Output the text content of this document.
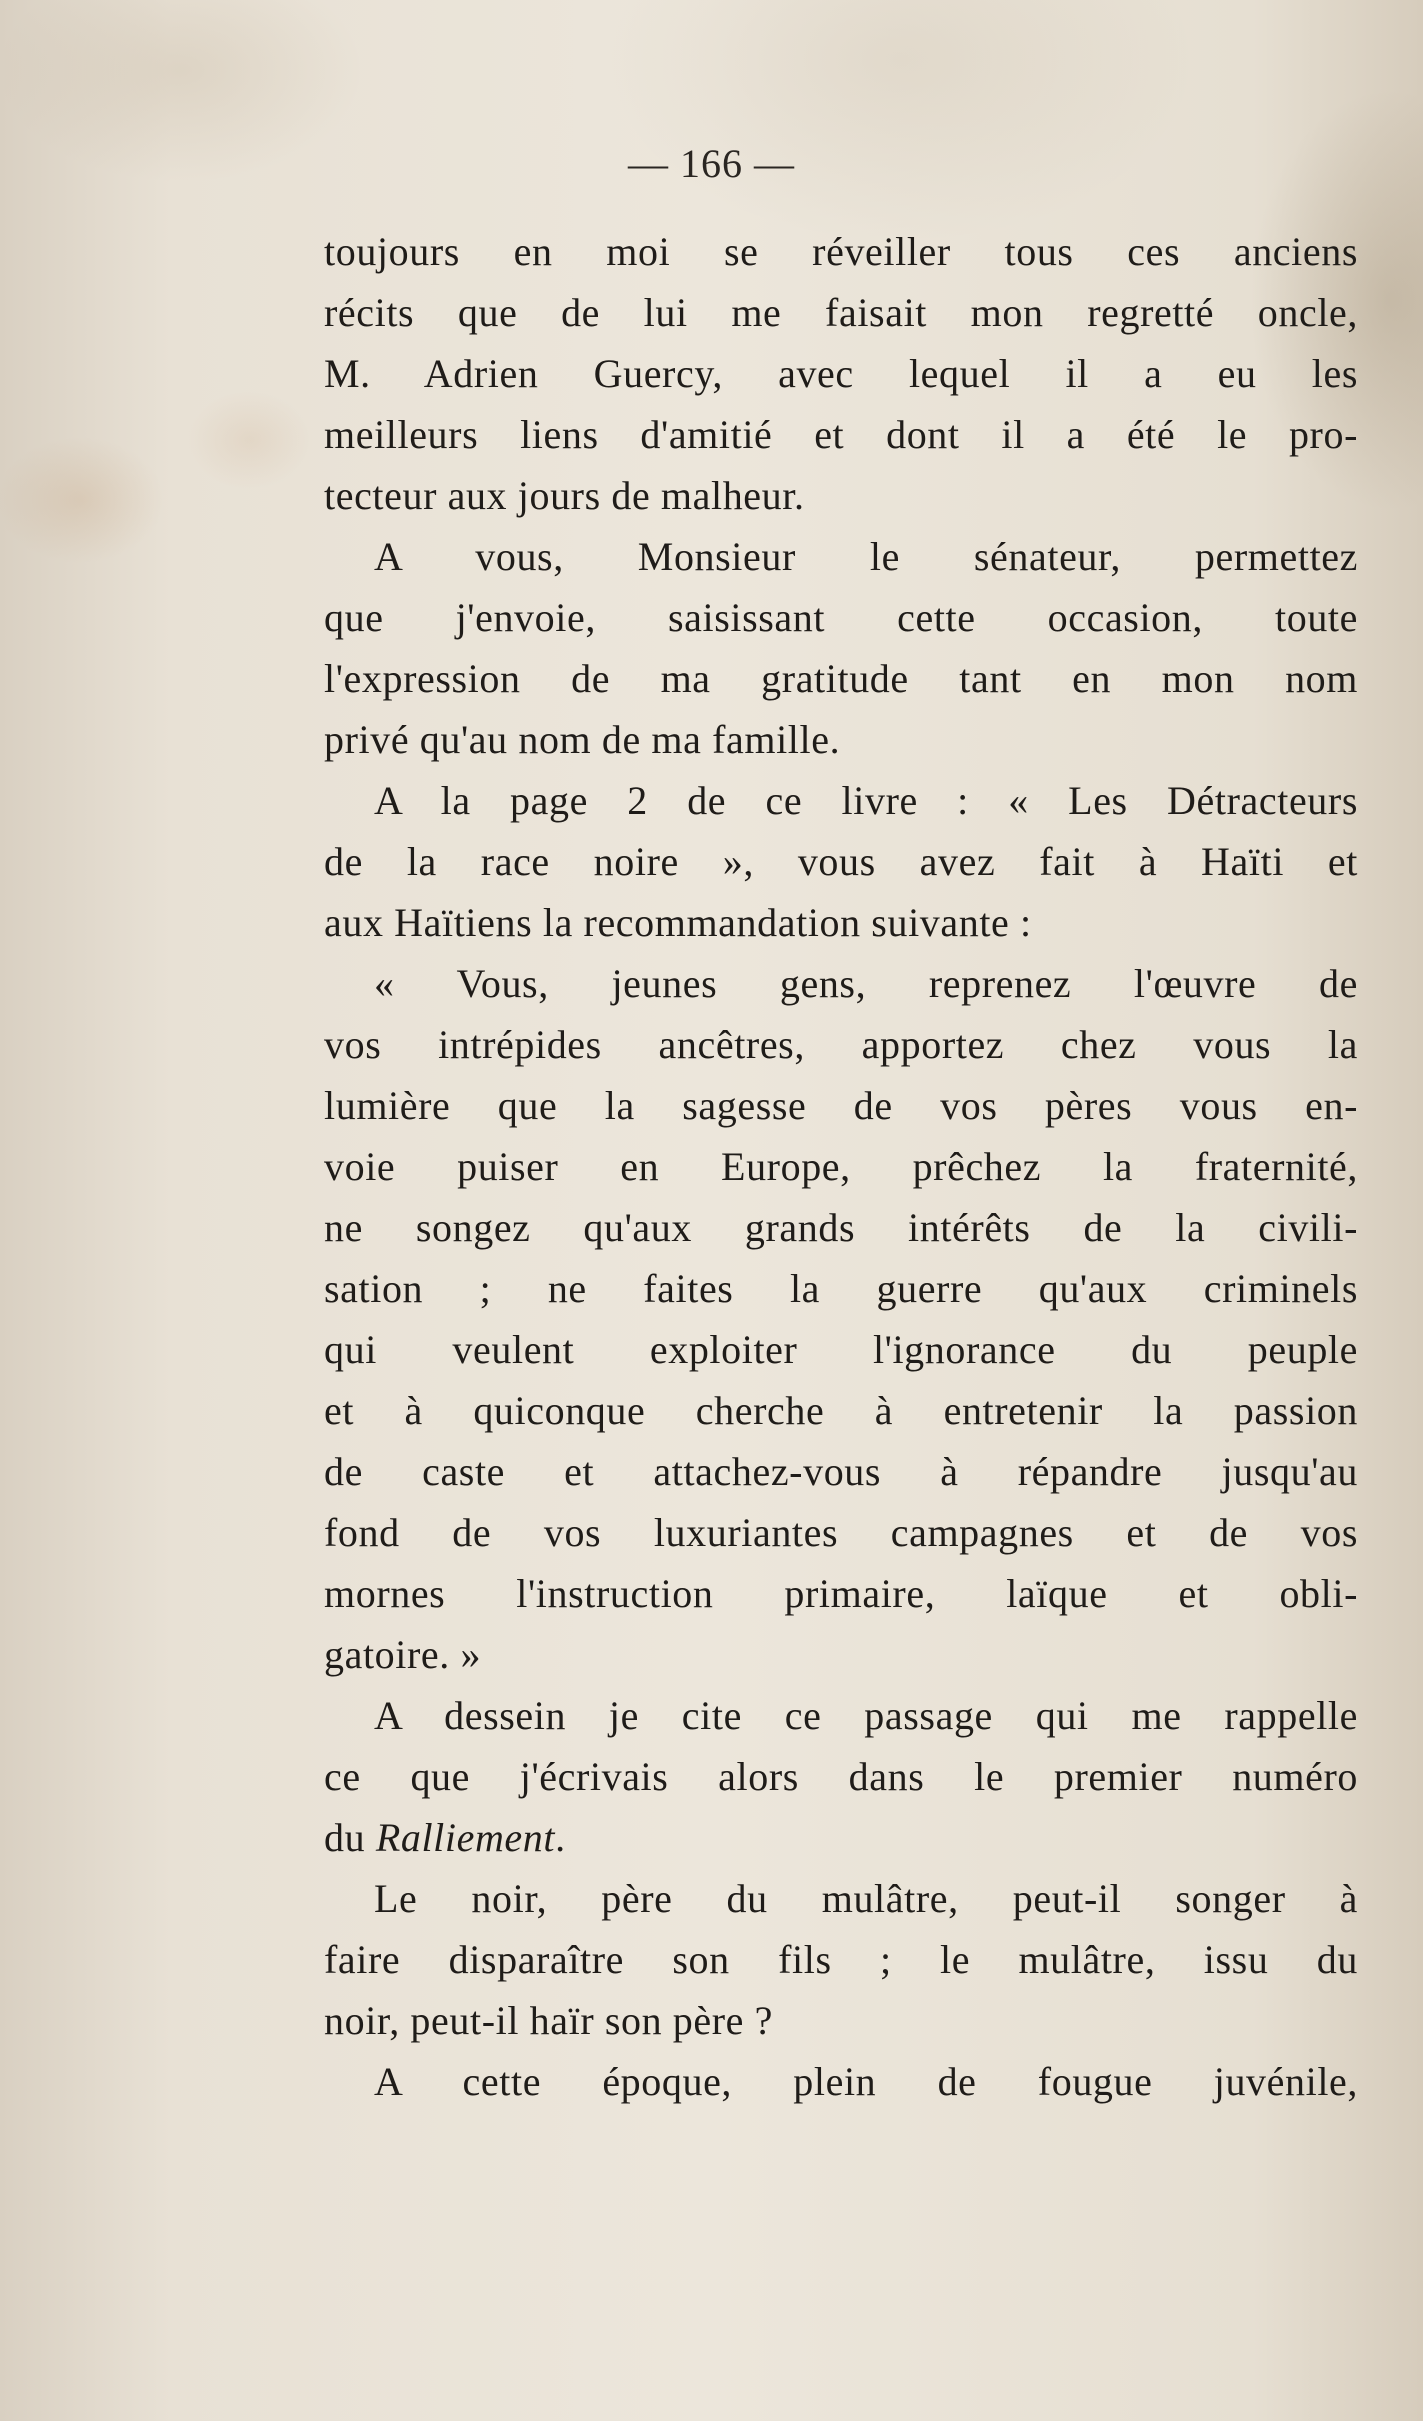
— 166 —
toujours en moi se réveiller tous ces anciens
récits que de lui me faisait mon regretté oncle,
M. Adrien Guercy, avec lequel il a eu les
meilleurs liens d'amitié et dont il a été le pro-
tecteur aux jours de malheur.
A vous, Monsieur le sénateur, permettez
que j'envoie, saisissant cette occasion, toute
l'expression de ma gratitude tant en mon nom
privé qu'au nom de ma famille.
A la page 2 de ce livre : « Les Détracteurs
de la race noire », vous avez fait à Haïti et
aux Haïtiens la recommandation suivante :
« Vous, jeunes gens, reprenez l'œuvre de
vos intrépides ancêtres, apportez chez vous la
lumière que la sagesse de vos pères vous en-
voie puiser en Europe, prêchez la fraternité,
ne songez qu'aux grands intérêts de la civili-
sation ; ne faites la guerre qu'aux criminels
qui veulent exploiter l'ignorance du peuple
et à quiconque cherche à entretenir la passion
de caste et attachez-vous à répandre jusqu'au
fond de vos luxuriantes campagnes et de vos
mornes l'instruction primaire, laïque et obli-
gatoire. »
A dessein je cite ce passage qui me rappelle
ce que j'écrivais alors dans le premier numéro
du Ralliement.
Le noir, père du mulâtre, peut-il songer à
faire disparaître son fils ; le mulâtre, issu du
noir, peut-il haïr son père ?
A cette époque, plein de fougue juvénile,
